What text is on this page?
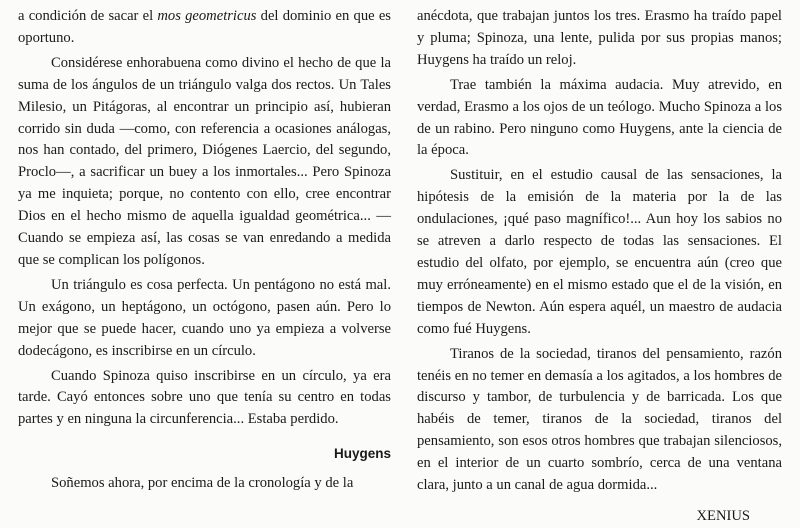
a condición de sacar el mos geometricus del dominio en que es oportuno.

Considérese enhorabuena como divino el hecho de que la suma de los ángulos de un triángulo valga dos rectos. Un Tales Milesio, un Pitágoras, al encontrar un principio así, hubieran corrido sin duda —como, con referencia a ocasiones análogas, nos han contado, del primero, Diógenes Laercio, del segundo, Proclo—, a sacrificar un buey a los inmortales... Pero Spinoza ya me inquieta; porque, no contento con ello, cree encontrar Dios en el hecho mismo de aquella igualdad geométrica... —Cuando se empieza así, las cosas se van enredando a medida que se complican los polígonos.

Un triángulo es cosa perfecta. Un pentágono no está mal. Un exágono, un heptágono, un octógono, pasen aún. Pero lo mejor que se puede hacer, cuando uno ya empieza a volverse dodecágono, es inscribirse en un círculo.

Cuando Spinoza quiso inscribirse en un círculo, ya era tarde. Cayó entonces sobre uno que tenía su centro en todas partes y en ninguna la circunferencia... Estaba perdido.

Huygens

Soñemos ahora, por encima de la cronología y de la

anécdota, que trabajan juntos los tres. Erasmo ha traído papel y pluma; Spinoza, una lente, pulida por sus propias manos; Huygens ha traído un reloj.

Trae también la máxima audacia. Muy atrevido, en verdad, Erasmo a los ojos de un teólogo. Mucho Spinoza a los de un rabino. Pero ninguno como Huygens, ante la ciencia de la época.

Sustituir, en el estudio causal de las sensaciones, la hipótesis de la emisión de la materia por la de las ondulaciones, ¡qué paso magnífico!... Aun hoy los sabios no se atreven a darlo respecto de todas las sensaciones. El estudio del olfato, por ejemplo, se encuentra aún (creo que muy erróneamente) en el mismo estado que el de la visión, en tiempos de Newton. Aún espera aquél, un maestro de audacia como fué Huygens.

Tiranos de la sociedad, tiranos del pensamiento, razón tenéis en no temer en demasía a los agitados, a los hombres de discurso y tambor, de turbulencia y de barricada. Los que habéis de temer, tiranos de la sociedad, tiranos del pensamiento, son esos otros hombres que trabajan silenciosos, en el interior de un cuarto sombrío, cerca de una ventana clara, junto a un canal de agua dormida...

XENIUS
